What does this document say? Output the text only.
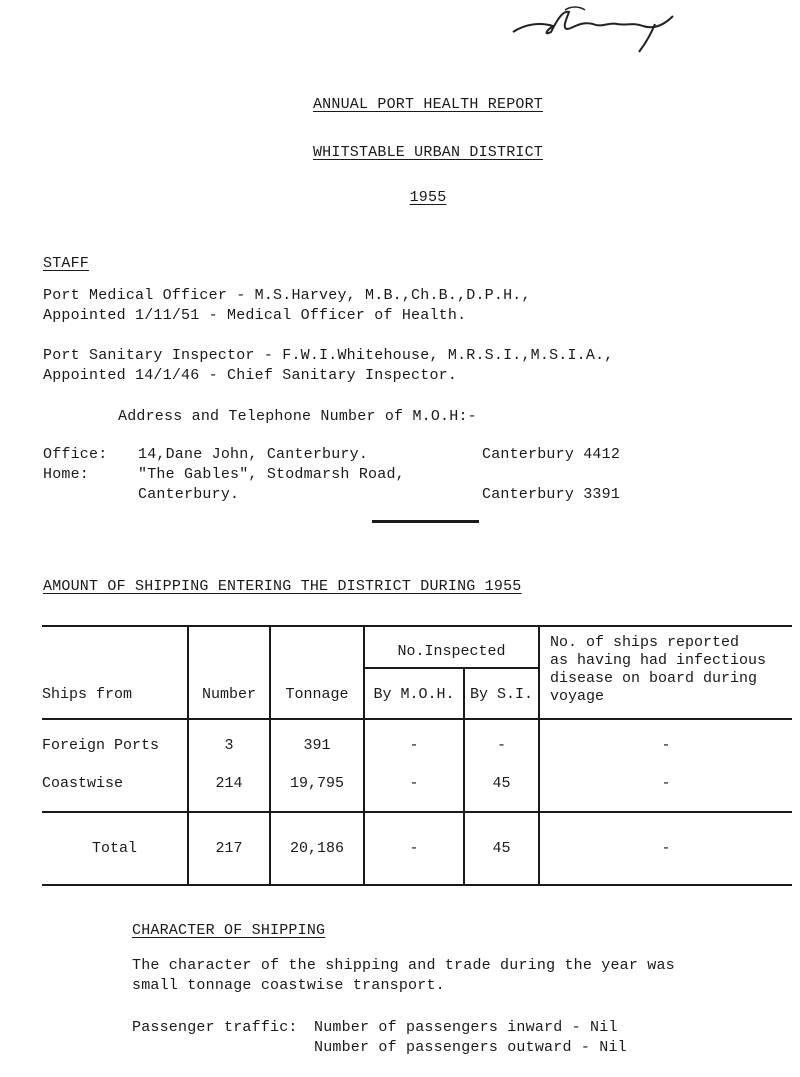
ANNUAL PORT HEALTH REPORT
WHITSTABLE URBAN DISTRICT
1955
STAFF
Port Medical Officer - M.S.Harvey, M.B.,Ch.B.,D.P.H.,
Appointed 1/11/51 - Medical Officer of Health.
Port Sanitary Inspector - F.W.I.Whitehouse, M.R.S.I.,M.S.I.A.,
Appointed 14/1/46 - Chief Sanitary Inspector.
Address and Telephone Number of M.O.H:-
Office: 14,Dane John, Canterbury.	Canterbury 4412
Home:	"The Gables", Stodmarsh Road,
Canterbury.	Canterbury 3391
AMOUNT OF SHIPPING ENTERING THE DISTRICT DURING 1955
Ships from	Number	Tonnage
No.Inspected
By M.O.H.	By S.I.
No. of ships reported
as having had infectious
disease on board during
voyage
Foreign Ports	3	391	-	-	-
Coastwise	214	19,795	-	45	-
Total	217	20,186	-	45	-
CHARACTER OF SHIPPING
The character of the shipping and trade during the year was
small tonnage coastwise transport.
Passenger traffic: Number of passengers inward - Nil
Number of passengers outward - Nil
